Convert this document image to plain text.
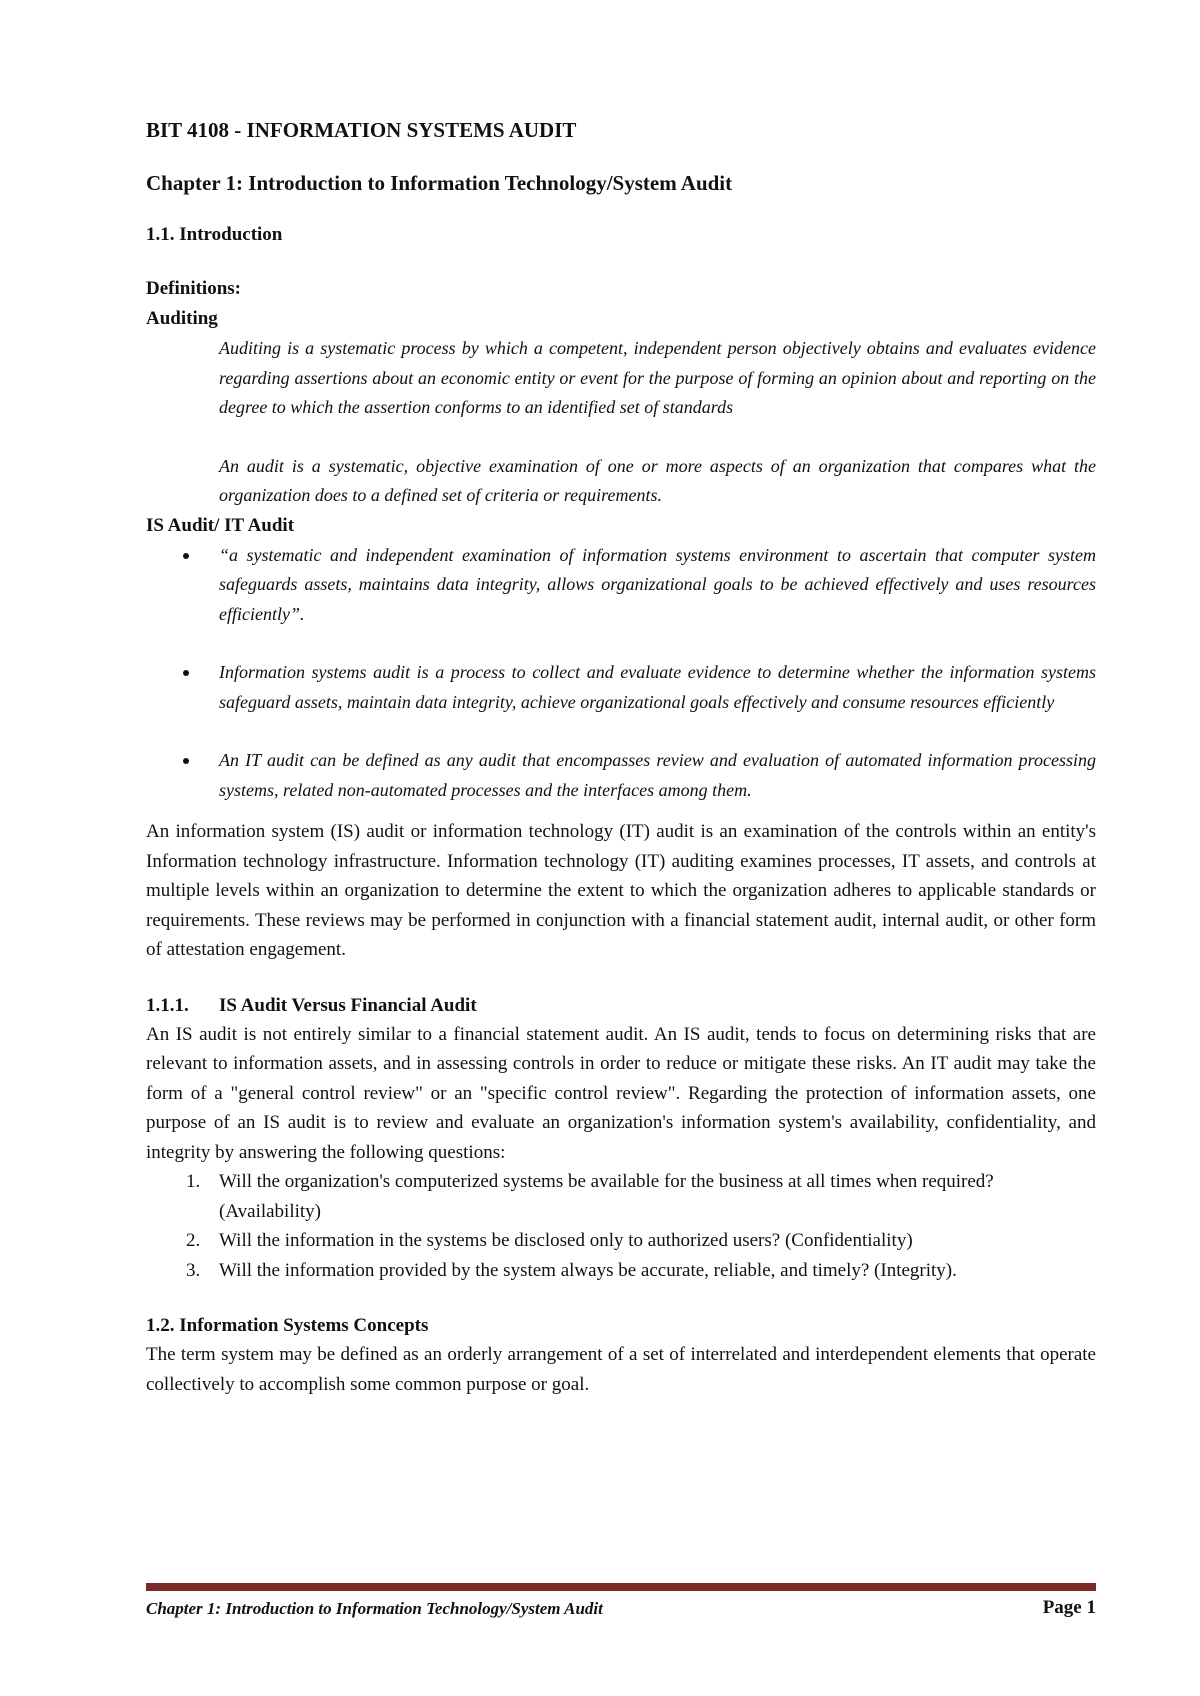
BIT 4108 - INFORMATION SYSTEMS AUDIT
Chapter 1: Introduction to Information Technology/System Audit
1.1. Introduction
Definitions:
Auditing
Auditing is a systematic process by which a competent, independent person objectively obtains and evaluates evidence regarding assertions about an economic entity or event for the purpose of forming an opinion about and reporting on the degree to which the assertion conforms to an identified set of standards
An audit is a systematic, objective examination of one or more aspects of an organization that compares what the organization does to a defined set of criteria or requirements.
IS Audit/ IT Audit
“a systematic and independent examination of information systems environment to ascertain that computer system safeguards assets, maintains data integrity, allows organizational goals to be achieved effectively and uses resources efficiently”.
Information systems audit is a process to collect and evaluate evidence to determine whether the information systems safeguard assets, maintain data integrity, achieve organizational goals effectively and consume resources efficiently
An IT audit can be defined as any audit that encompasses review and evaluation of automated information processing systems, related non-automated processes and the interfaces among them.

An information system (IS) audit or information technology (IT) audit is an examination of the controls within an entity's Information technology infrastructure. Information technology (IT) auditing examines processes, IT assets, and controls at multiple levels within an organization to determine the extent to which the organization adheres to applicable standards or requirements. These reviews may be performed in conjunction with a financial statement audit, internal audit, or other form of attestation engagement.

1.1.1. IS Audit Versus Financial Audit

An IS audit is not entirely similar to a financial statement audit. An IS audit, tends to focus on determining risks that are relevant to information assets, and in assessing controls in order to reduce or mitigate these risks. An IT audit may take the form of a "general control review" or an "specific control review". Regarding the protection of information assets, one purpose of an IS audit is to review and evaluate an organization's information system's availability, confidentiality, and integrity by answering the following questions:

1. Will the organization's computerized systems be available for the business at all times when required? (Availability)
2. Will the information in the systems be disclosed only to authorized users? (Confidentiality)
3. Will the information provided by the system always be accurate, reliable, and timely? (Integrity).
1.2. Information Systems Concepts

The term system may be defined as an orderly arrangement of a set of interrelated and interdependent elements that operate collectively to accomplish some common purpose or goal.

Chapter 1: Introduction to Information Technology/System Audit	Page 1
